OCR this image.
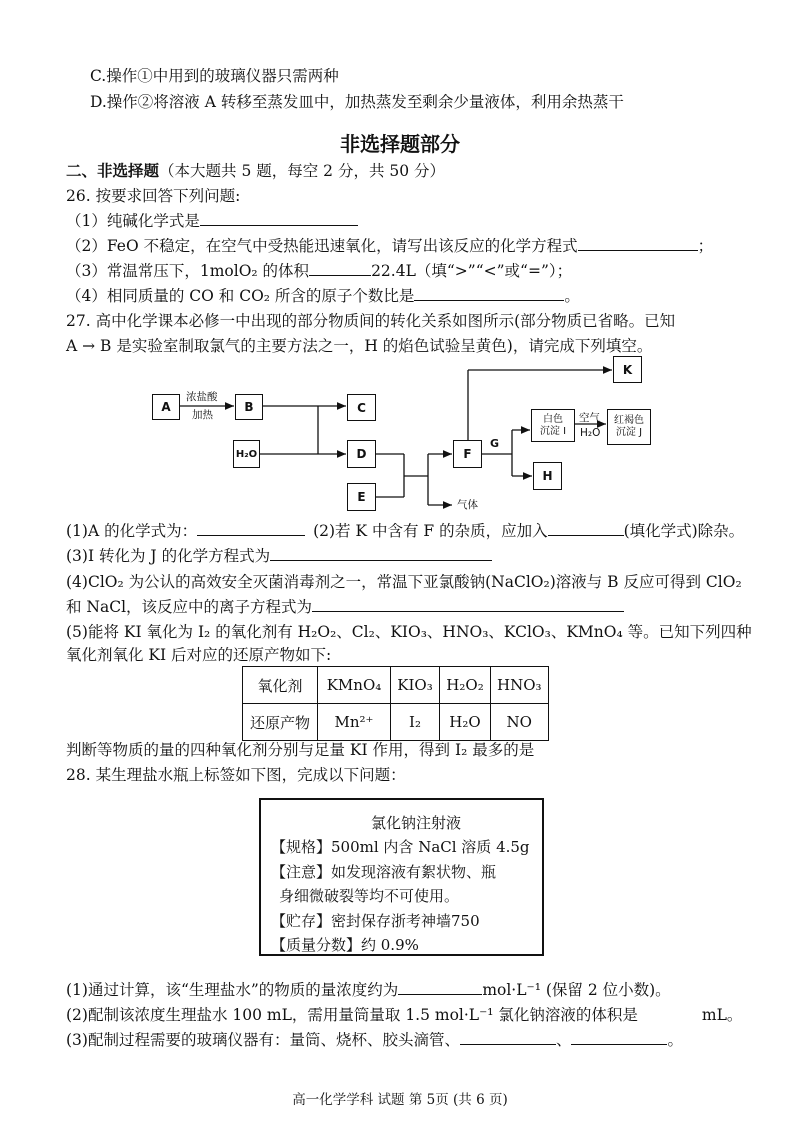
C.操作①中用到的玻璃仪器只需两种
D.操作②将溶液 A 转移至蒸发皿中，加热蒸发至剩余少量液体，利用余热蒸干
非选择题部分
二、非选择题（本大题共 5 题，每空 2 分，共 50 分）
26. 按要求回答下列问题:
（1）纯碱化学式是
（2）FeO 不稳定，在空气中受热能迅速氧化，请写出该反应的化学方程式	；
（3）常温常压下，1molO₂ 的体积	22.4L（填“>”“<”或“=”）；
（4）相同质量的 CO 和 CO₂ 所含的原子个数比是	。
27. 高中化学课本必修一中出现的部分物质间的转化关系如图所示(部分物质已省略。已知
A → B 是实验室制取氯气的主要方法之一，H 的焰色试验呈黄色)，请完成下列填空。
A	B
H₂O
C
D
E
F
K
H
白色
沉淀 I
红褐色
沉淀 J
浓盐酸
加热	空气
H₂O
G
气体
(1)A 的化学式为：	(2)若 K 中含有 F 的杂质，应加入	(填化学式)除杂。
(3)I 转化为 J 的化学方程式为
(4)ClO₂ 为公认的高效安全灭菌消毒剂之一，常温下亚氯酸钠(NaClO₂)溶液与 B 反应可得到 ClO₂
和 NaCl，该反应中的离子方程式为
(5)能将 KI 氧化为 I₂ 的氧化剂有 H₂O₂、Cl₂、KIO₃、HNO₃、KClO₃、KMnO₄ 等。已知下列四种
氧化剂氧化 KI 后对应的还原产物如下:
氧化剂	KMnO₄	KIO₃	H₂O₂	HNO₃
还原产物	Mn²⁺	I₂	H₂O	NO
判断等物质的量的四种氧化剂分别与足量 KI 作用，得到 I₂ 最多的是
28. 某生理盐水瓶上标签如下图，完成以下问题：
氯化钠注射液
【规格】500ml 内含 NaCl 溶质 4.5g
【注意】如发现溶液有絮状物、瓶
身细微破裂等均不可使用。
【贮存】密封保存浙考神墙750
【质量分数】约 0.9%
(1)通过计算，该“生理盐水”的物质的量浓度约为	mol·L⁻¹ (保留 2 位小数)。
(2)配制该浓度生理盐水 100 mL，需用量筒量取 1.5 mol·L⁻¹ 氯化钠溶液的体积是	mL。
(3)配制过程需要的玻璃仪器有：量筒、烧杯、胶头滴管、	、	。
高一化学学科 试题 第 5页 (共 6 页)
